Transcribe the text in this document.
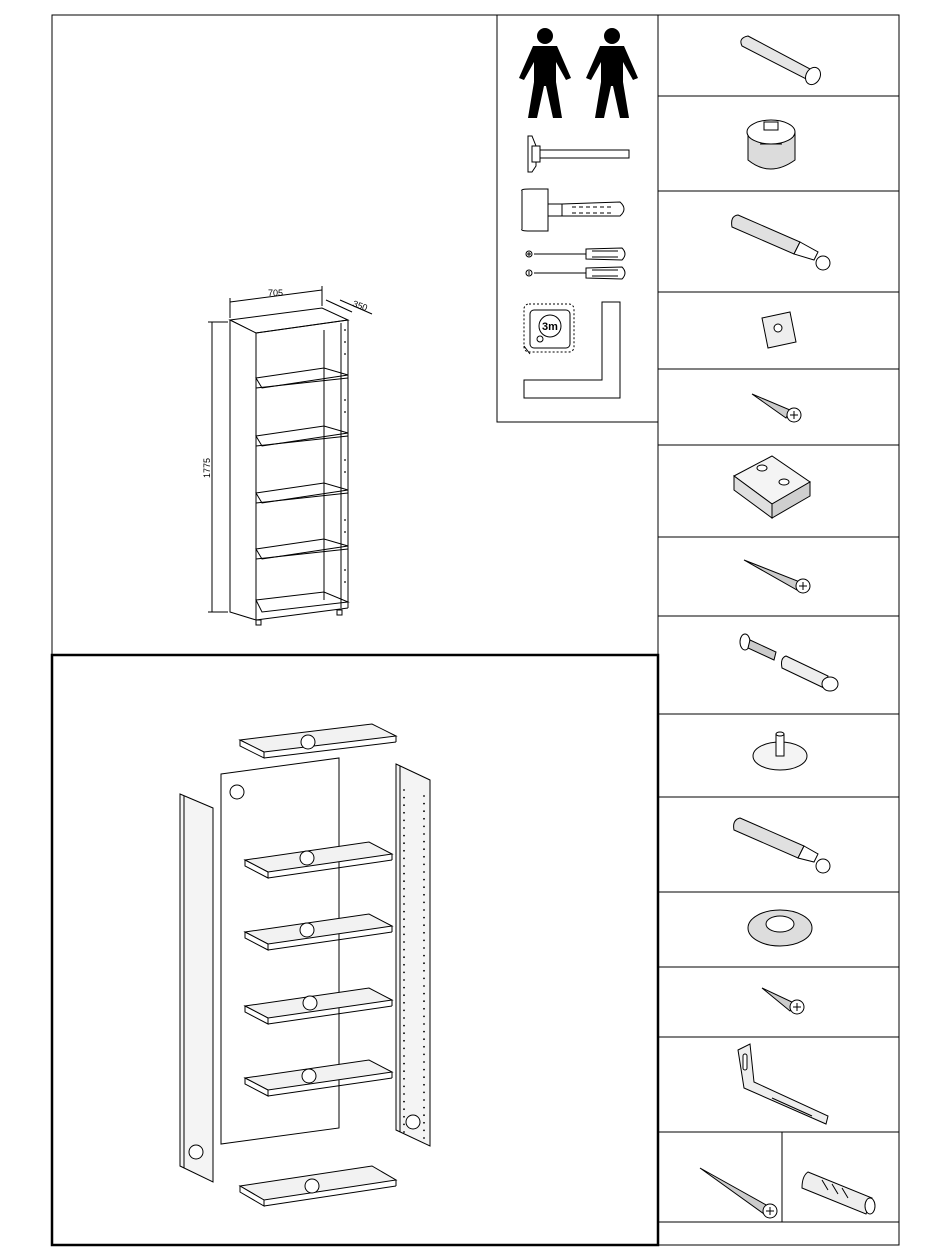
705
350
1775
3m
